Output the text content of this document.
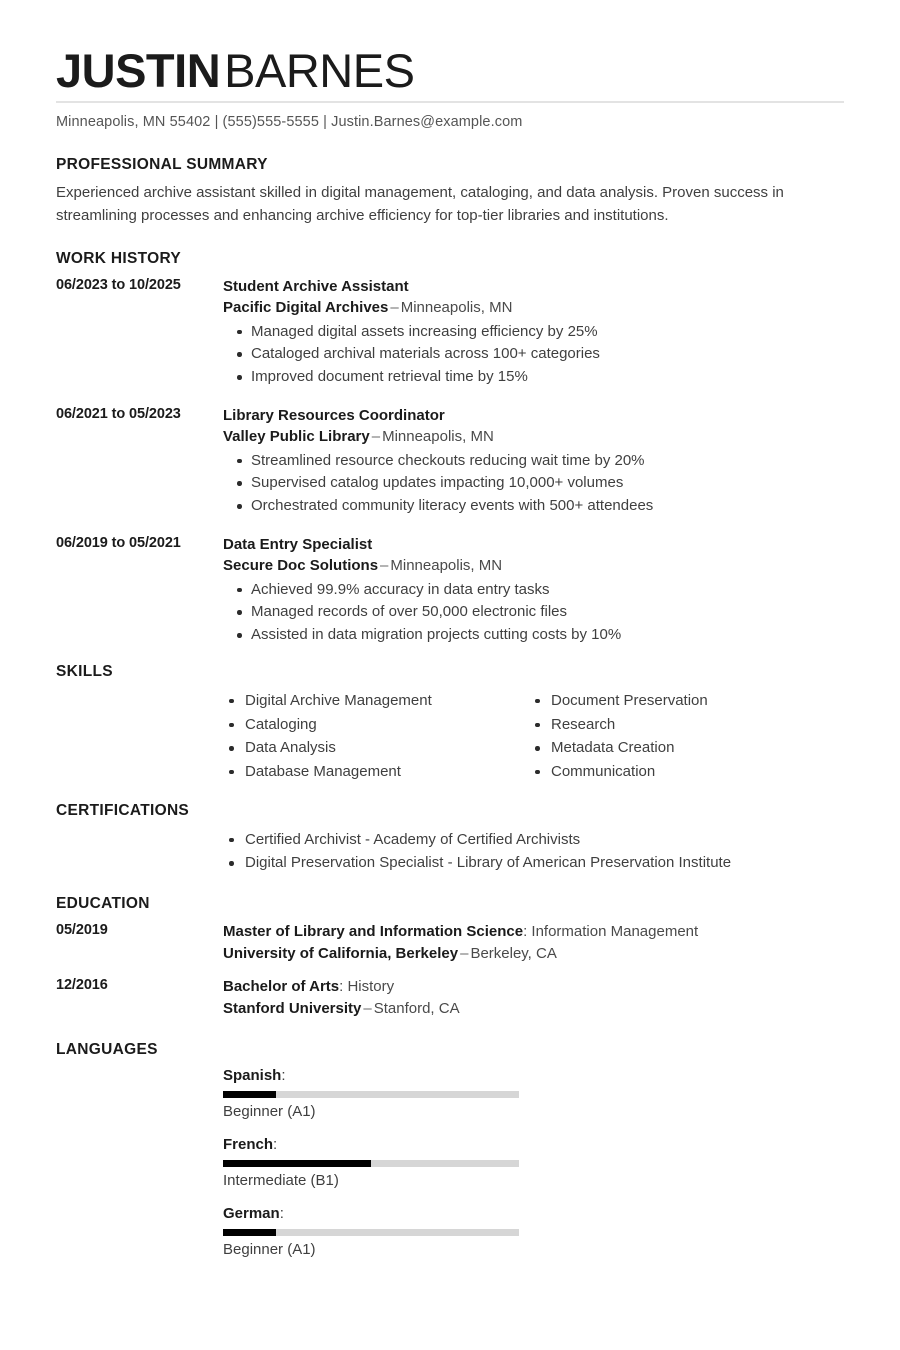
JUSTINBARNES
Minneapolis, MN 55402 | (555)555-5555 | Justin.Barnes@example.com
PROFESSIONAL SUMMARY
Experienced archive assistant skilled in digital management, cataloging, and data analysis. Proven success in streamlining processes and enhancing archive efficiency for top-tier libraries and institutions.
WORK HISTORY
06/2023 to 10/2025	Student Archive Assistant
Pacific Digital Archives – Minneapolis, MN
Managed digital assets increasing efficiency by 25%
Cataloged archival materials across 100+ categories
Improved document retrieval time by 15%
06/2021 to 05/2023	Library Resources Coordinator
Valley Public Library – Minneapolis, MN
Streamlined resource checkouts reducing wait time by 20%
Supervised catalog updates impacting 10,000+ volumes
Orchestrated community literacy events with 500+ attendees
06/2019 to 05/2021	Data Entry Specialist
Secure Doc Solutions – Minneapolis, MN
Achieved 99.9% accuracy in data entry tasks
Managed records of over 50,000 electronic files
Assisted in data migration projects cutting costs by 10%
SKILLS
Digital Archive Management
Cataloging
Data Analysis
Database Management
Document Preservation
Research
Metadata Creation
Communication
CERTIFICATIONS
Certified Archivist - Academy of Certified Archivists
Digital Preservation Specialist - Library of American Preservation Institute
EDUCATION
05/2019	Master of Library and Information Science: Information Management
University of California, Berkeley – Berkeley, CA
12/2016	Bachelor of Arts: History
Stanford University – Stanford, CA
LANGUAGES
Spanish:
Beginner (A1)
French:
Intermediate (B1)
German:
Beginner (A1)
